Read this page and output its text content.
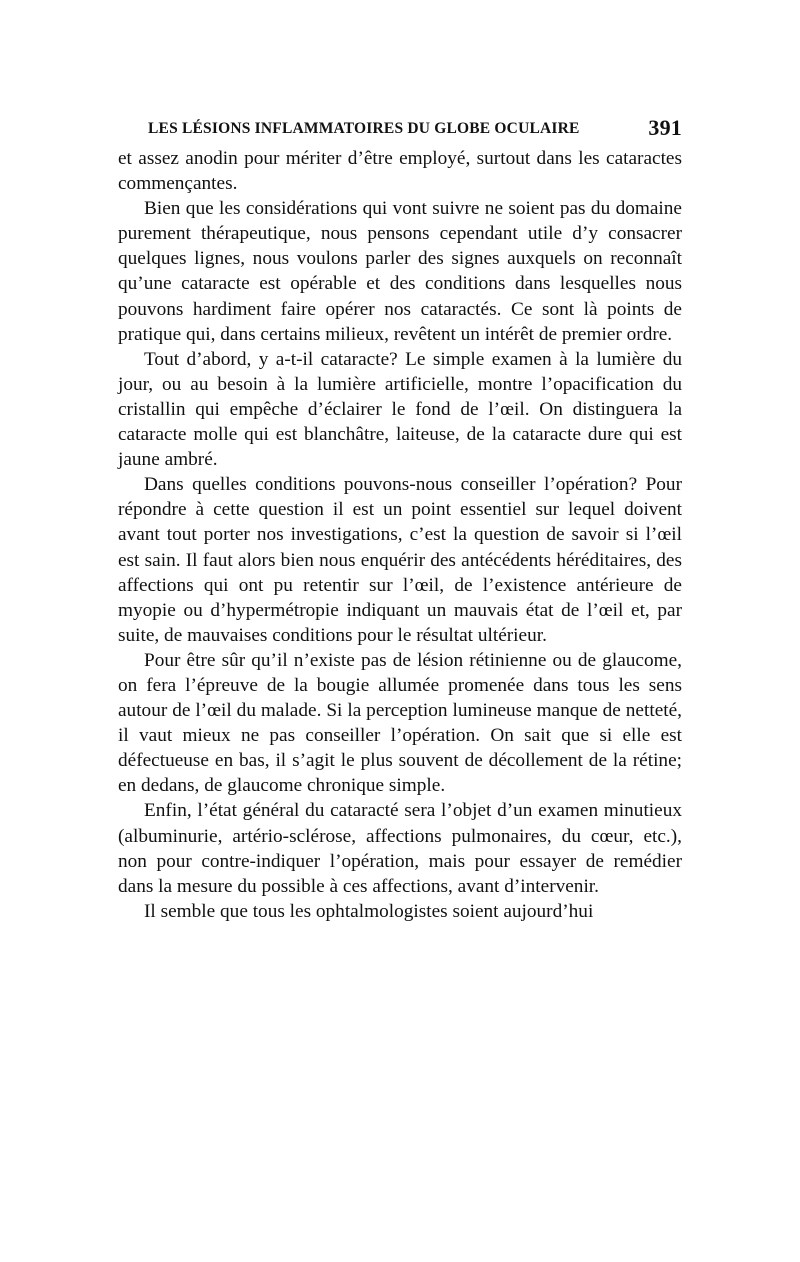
LES LÉSIONS INFLAMMATOIRES DU GLOBE OCULAIRE	391

et assez anodin pour mériter d’être employé, surtout dans les cataractes commençantes.

Bien que les considérations qui vont suivre ne soient pas du domaine purement thérapeutique, nous pensons cependant utile d’y consacrer quelques lignes, nous voulons parler des signes auxquels on reconnaît qu’une cataracte est opérable et des conditions dans lesquelles nous pouvons hardiment faire opérer nos cataractés. Ce sont là points de pratique qui, dans certains milieux, revêtent un intérêt de premier ordre.

Tout d’abord, y a-t-il cataracte? Le simple examen à la lumière du jour, ou au besoin à la lumière artificielle, montre l’opacification du cristallin qui empêche d’éclairer le fond de l’œil. On distinguera la cataracte molle qui est blanchâtre, laiteuse, de la cataracte dure qui est jaune ambré.

Dans quelles conditions pouvons-nous conseiller l’opération? Pour répondre à cette question il est un point essentiel sur lequel doivent avant tout porter nos investigations, c’est la question de savoir si l’œil est sain. Il faut alors bien nous enquérir des antécédents héréditaires, des affections qui ont pu retentir sur l’œil, de l’existence antérieure de myopie ou d’hypermétropie indiquant un mauvais état de l’œil et, par suite, de mauvaises conditions pour le résultat ultérieur.

Pour être sûr qu’il n’existe pas de lésion rétinienne ou de glaucome, on fera l’épreuve de la bougie allumée promenée dans tous les sens autour de l’œil du malade. Si la perception lumineuse manque de netteté, il vaut mieux ne pas conseiller l’opération. On sait que si elle est défectueuse en bas, il s’agit le plus souvent de décollement de la rétine; en dedans, de glaucome chronique simple.

Enfin, l’état général du cataracté sera l’objet d’un examen minutieux (albuminurie, artério-sclérose, affections pulmonaires, du cœur, etc.), non pour contre-indiquer l’opération, mais pour essayer de remédier dans la mesure du possible à ces affections, avant d’intervenir.

Il semble que tous les ophtalmologistes soient aujourd’hui
